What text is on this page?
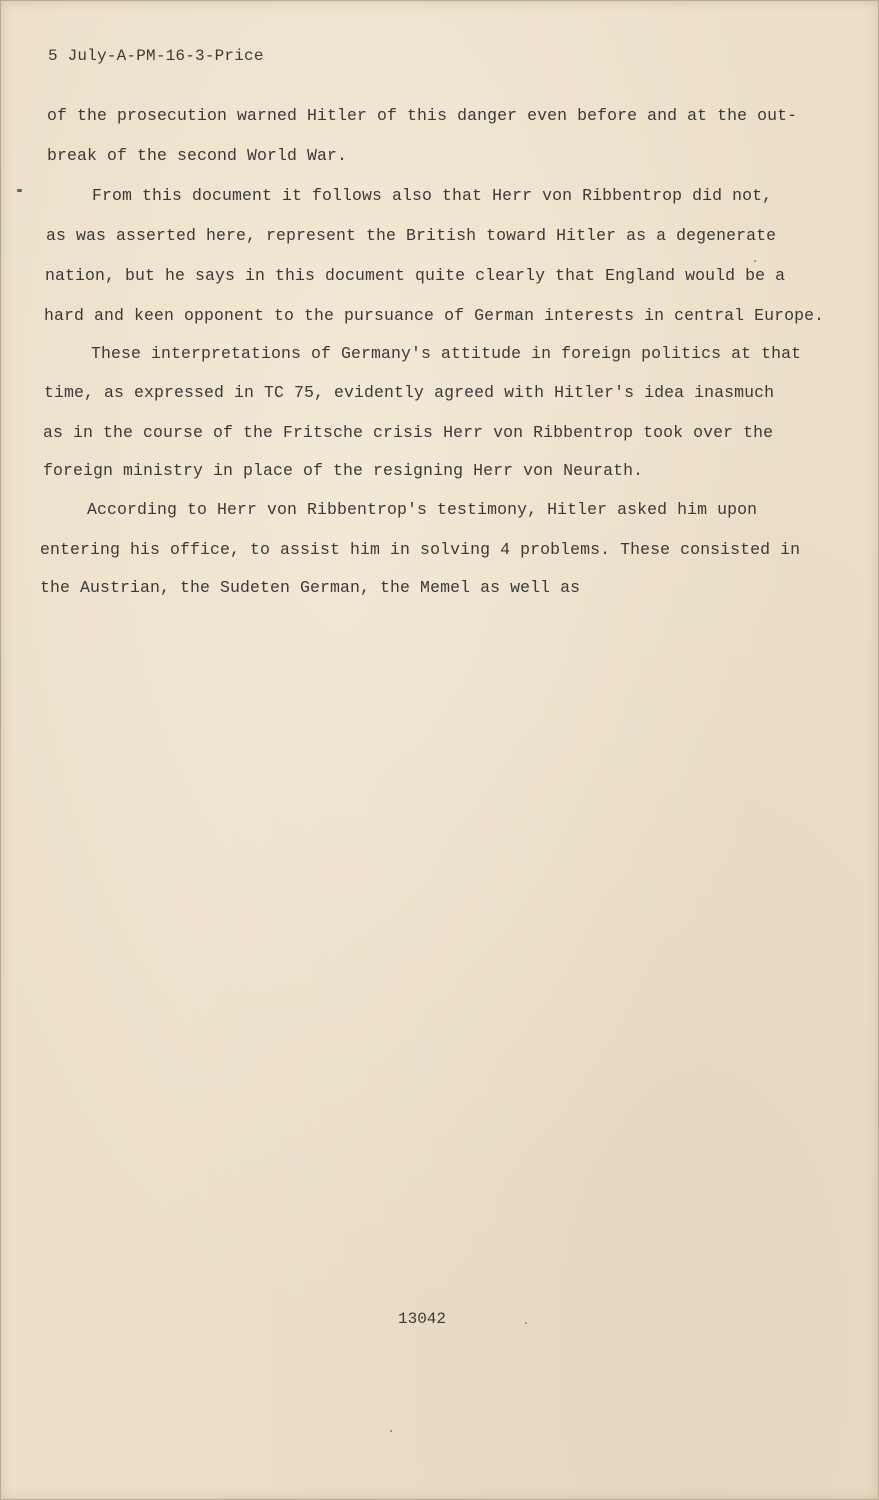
5 July-A-PM-16-3-Price
of the prosecution warned Hitler of this danger even before and at the out-
break of the second World War.
From this document it follows also that Herr von Ribbentrop did not,
as was asserted here, represent the British toward Hitler as a degenerate
nation, but he says in this document quite clearly that England would be a
hard and keen opponent to the pursuance of German interests in central Europe.
These interpretations of Germany's attitude in foreign politics at that
time, as expressed in TC 75, evidently agreed with Hitler's idea inasmuch
as in the course of the Fritsche crisis Herr von Ribbentrop took over the
foreign ministry in place of the resigning Herr von Neurath.
According to Herr von Ribbentrop's testimony, Hitler asked him upon
entering his office, to assist him in solving 4 problems. These consisted in
the Austrian, the Sudeten German, the Memel as well as
13042
